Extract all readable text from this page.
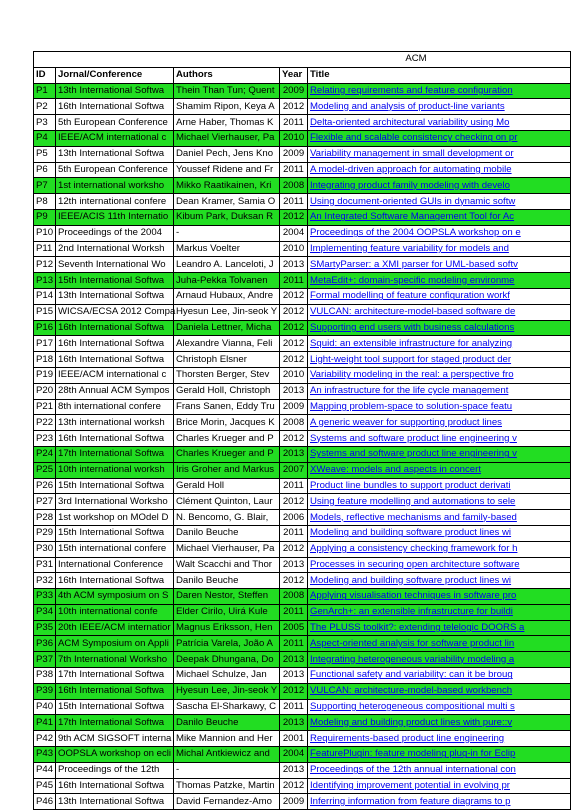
ACM				
ID	Jornal/Conference	Authors	Year	Title
P1	13th International Softwa	Thein Than Tun; Quent	2009	Relating requirements and feature configuration
P2	16th International Softwa	Shamim Ripon, Keya A	2012	Modeling and analysis of product-line variants
P3	5th European Conference	Arne Haber, Thomas K	2011	Delta-oriented architectural variability using Mo
P4	IEEE/ACM international c	Michael Vierhauser, Pa	2010	Flexible and scalable consistency checking on pr
P5	13th International Softwa	Daniel Pech, Jens Kno	2009	Variability management in small development or
P6	5th European Conference	Youssef Ridene and Fr	2011	A model-driven approach for automating mobile
P7	1st international worksho	Mikko Raatikainen, Kri	2008	Integrating product family modeling with develo
P8	12th international confere	Dean Kramer, Samia O	2011	Using document-oriented GUIs in dynamic softw
P9	IEEE/ACIS 11th Internatio	Kibum Park, Duksan R	2012	An Integrated Software Management Tool for Ac
P10	Proceedings of the 2004	-	2004	Proceedings of the 2004 OOPSLA workshop on e
P11	2nd International Worksh	Markus Voelter	2010	Implementing feature variability for models and
P12	Seventh International Wo	Leandro A. Lanceloti, J	2013	SMartyParser: a XMI parser for UML-based softv
P13	15th International Softwa	Juha-Pekka Tolvanen	2011	MetaEdit+: domain-specific modeling environme
P14	13th International Softwa	Arnaud Hubaux, Andre	2012	Formal modelling of feature configuration workf
P15	WICSA/ECSA 2012 Compa	Hyesun Lee, Jin-seok Y	2012	VULCAN: architecture-model-based software de
P16	16th International Softwa	Daniela Lettner, Micha	2012	Supporting end users with business calculations
P17	16th International Softwa	Alexandre Vianna, Feli	2012	Squid: an extensible infrastructure for analyzing
P18	16th International Softwa	Christoph Elsner	2012	Light-weight tool support for staged product der
P19	IEEE/ACM international c	Thorsten Berger, Stev	2010	Variability modeling in the real: a perspective fro
P20	28th Annual ACM Sympos	Gerald Holl, Christoph	2013	An infrastructure for the life cycle management
P21	8th international confere	Frans Sanen, Eddy Tru	2009	Mapping problem-space to solution-space featu
P22	13th international worksh	Brice Morin, Jacques K	2008	A generic weaver for supporting product lines
P23	16th International Softwa	Charles Krueger and P	2012	Systems and software product line engineering v
P24	17th International Softwa	Charles Krueger and P	2013	Systems and software product line engineering v
P25	10th international worksh	Iris Groher and Markus	2007	XWeave: models and aspects in concert
P26	15th International Softwa	Gerald Holl	2011	Product line bundles to support product derivati
P27	3rd International Worksho	Clément Quinton, Laur	2012	Using feature modelling and automations to sele
P28	1st workshop on MOdel D	N. Bencomo, G. Blair,	2006	Models, reflective mechanisms and family-based
P29	15th International Softwa	Danilo Beuche	2011	Modeling and building software product lines wi
P30	15th international confere	Michael Vierhauser, Pa	2012	Applying a consistency checking framework for h
P31	International Conference	Walt Scacchi and Thor	2013	Processes in securing open architecture software
P32	16th International Softwa	Danilo Beuche	2012	Modeling and building software product lines wi
P33	4th ACM symposium on S	Daren Nestor, Steffen	2008	Applying visualisation techniques in software pro
P34	10th international confe	Elder Cirilo, Uirá Kule	2011	GenArch+: an extensible infrastructure for buildi
P35	20th IEEE/ACM internatior	Magnus Eriksson, Hen	2005	The PLUSS toolkit?: extending telelogic DOORS a
P36	ACM Symposium on Appli	Patrícia Varela, João A	2011	Aspect-oriented analysis for software product lin
P37	7th International Worksho	Deepak Dhungana, Do	2013	Integrating heterogeneous variability modeling a
P38	17th International Softwa	Michael Schulze, Jan	2013	Functional safety and variability: can it be broug
P39	16th International Softwa	Hyesun Lee, Jin-seok Y	2012	VULCAN: architecture-model-based workbench
P40	15th International Softwa	Sascha El-Sharkawy, C	2011	Supporting heterogeneous compositional multi s
P41	17th International Softwa	Danilo Beuche	2013	Modeling and building product lines with pure::v
P42	9th ACM SIGSOFT interna	Mike Mannion and Her	2001	Requirements-based product line engineering
P43	OOPSLA workshop on ecli	Michal Antkiewicz and	2004	FeaturePlugin: feature modeling plug-in for Eclip
P44	Proceedings of the 12th	-	2013	Proceedings of the 12th annual international con
P45	16th International Softwa	Thomas Patzke, Martin	2012	Identifying improvement potential in evolving pr
P46	13th International Softwa	David Fernandez-Amo	2009	Inferring information from feature diagrams to p
